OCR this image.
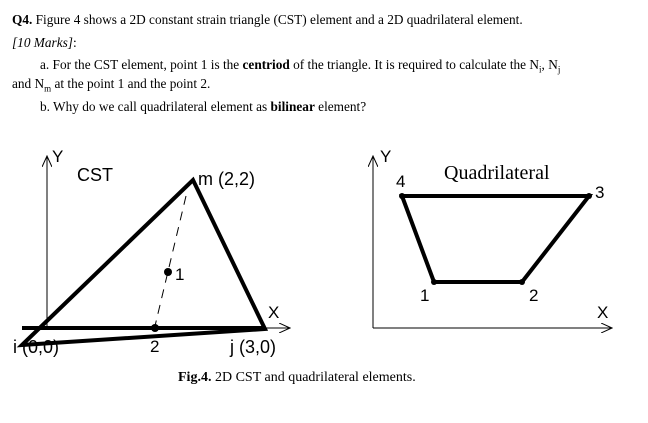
Q4. Figure 4 shows a 2D constant strain triangle (CST) element and a 2D quadrilateral element.
[10 Marks]:
a. For the CST element, point 1 is the centriod of the triangle. It is required to calculate the $N_i$, $N_j$
and $N_m$ at the point 1 and the point 2.
b. Why do we call quadrilateral element as bilinear element?
Y
CST	m (2,2)
1
X
i (0,0)	2	j (3,0)
Y
4 Quadrilateral
3
1	2
X
Fig.4. 2D CST and quadrilateral elements.
